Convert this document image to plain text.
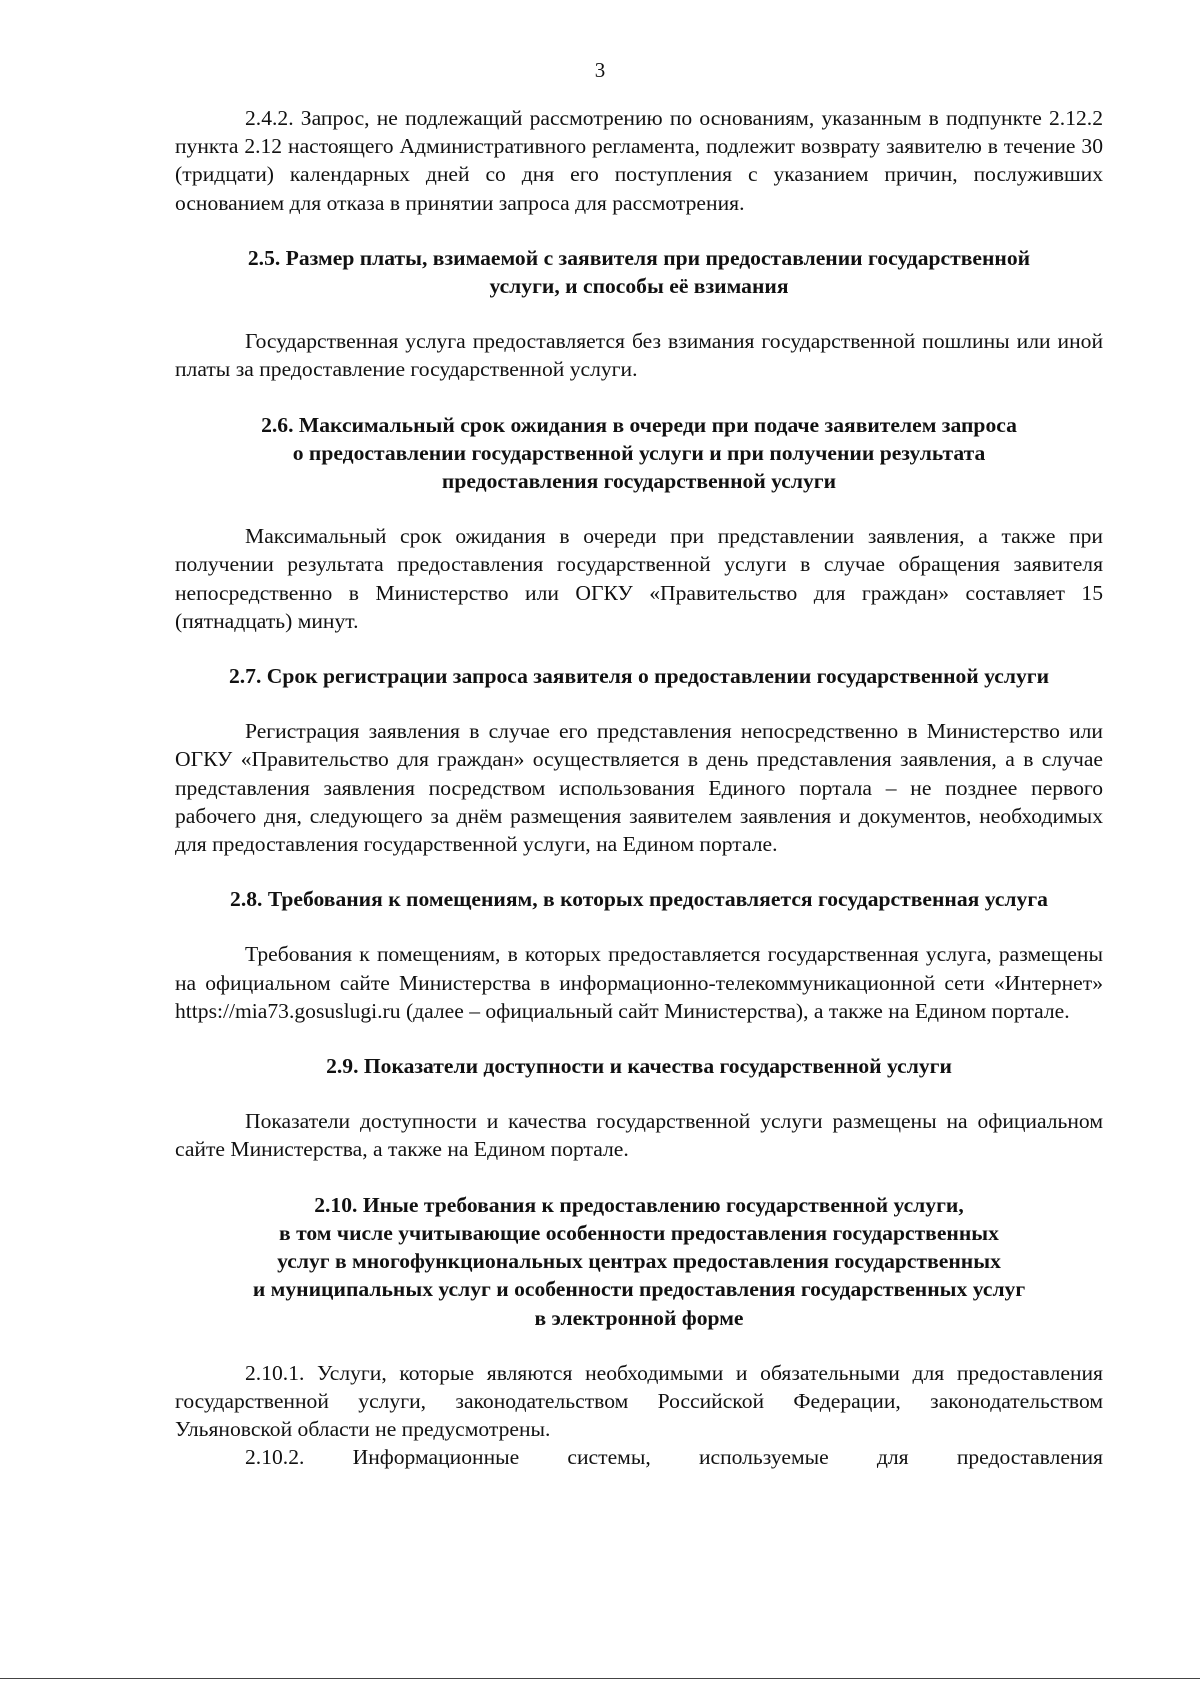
3

2.4.2. Запрос, не подлежащий рассмотрению по основаниям, указанным в подпункте 2.12.2 пункта 2.12 настоящего Административного регламента, подлежит возврату заявителю в течение 30 (тридцати) календарных дней со дня его поступления с указанием причин, послуживших основанием для отказа в принятии запроса для рассмотрения.

2.5. Размер платы, взимаемой с заявителя при предоставлении государственной
услуги, и способы её взимания

Государственная услуга предоставляется без взимания государственной пошлины или иной платы за предоставление государственной услуги.

2.6. Максимальный срок ожидания в очереди при подаче заявителем запроса
о предоставлении государственной услуги и при получении результата
предоставления государственной услуги

Максимальный срок ожидания в очереди при представлении заявления, а также при получении результата предоставления государственной услуги в случае обращения заявителя непосредственно в Министерство или ОГКУ «Правительство для граждан» составляет 15 (пятнадцать) минут.

2.7. Срок регистрации запроса заявителя о предоставлении государственной услуги

Регистрация заявления в случае его представления непосредственно в Министерство или ОГКУ «Правительство для граждан» осуществляется в день представления заявления, а в случае представления заявления посредством использования Единого портала – не позднее первого рабочего дня, следующего за днём размещения заявителем заявления и документов, необходимых для предоставления государственной услуги, на Едином портале.

2.8. Требования к помещениям, в которых предоставляется государственная услуга

Требования к помещениям, в которых предоставляется государственная услуга, размещены на официальном сайте Министерства в информационно-телекоммуникационной сети «Интернет» https://mia73.gosuslugi.ru (далее – официальный сайт Министерства), а также на Едином портале.

2.9. Показатели доступности и качества государственной услуги

Показатели доступности и качества государственной услуги размещены на официальном сайте Министерства, а также на Едином портале.

2.10. Иные требования к предоставлению государственной услуги,
в том числе учитывающие особенности предоставления государственных
услуг в многофункциональных центрах предоставления государственных
и муниципальных услуг и особенности предоставления государственных услуг
в электронной форме

2.10.1. Услуги, которые являются необходимыми и обязательными для предоставления государственной услуги, законодательством Российской Федерации, законодательством Ульяновской области не предусмотрены.

2.10.2. Информационные системы, используемые для предоставления
